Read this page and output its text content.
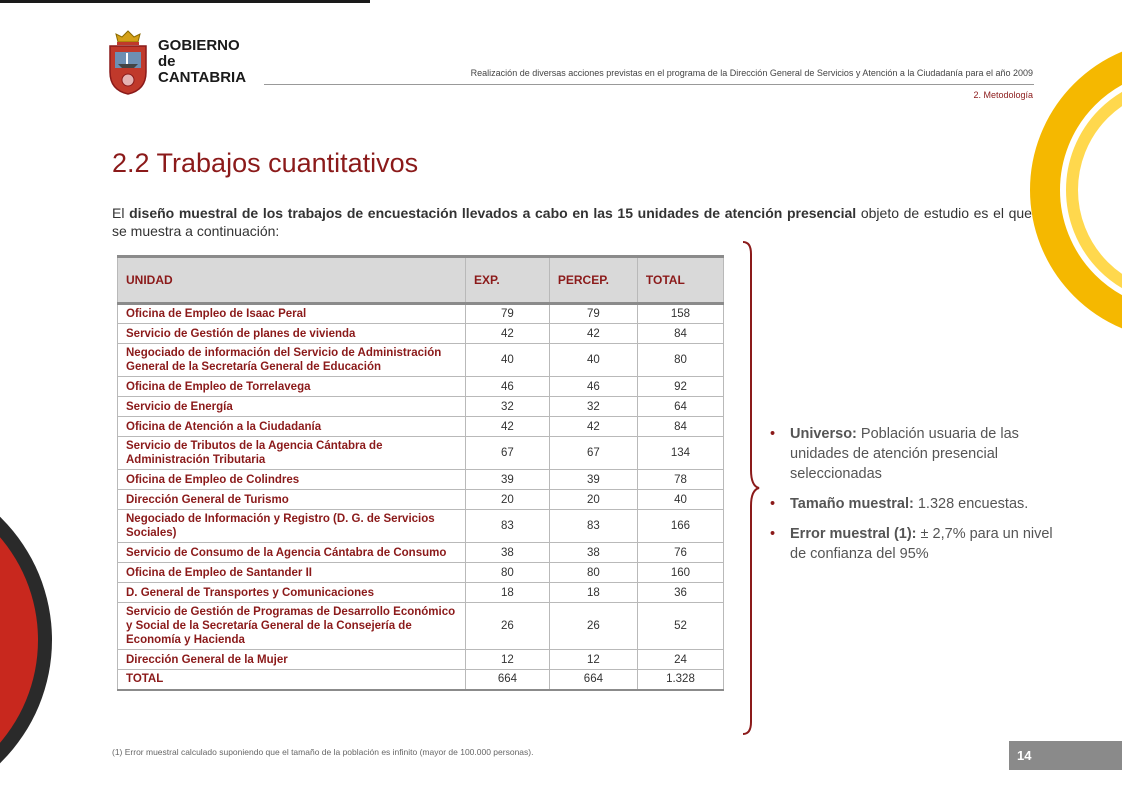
GOBIERNO
de
CANTABRIA	Realización de diversas acciones previstas en el programa de la Dirección General de Servicios y Atención a la Ciudadanía para el año 2009
2. Metodología
2.2 Trabajos cuantitativos
El diseño muestral de los trabajos de encuestación llevados a cabo en las 15 unidades de atención presencial objeto de estudio es el que se muestra a continuación:
UNIDAD	EXP.	PERCEP.	TOTAL
Oficina de Empleo de Isaac Peral	79	79	158
Servicio de Gestión de planes de vivienda	42	42	84
Negociado de información del Servicio de Administración General de la Secretaría General de Educación	40	40	80
Oficina de Empleo de Torrelavega	46	46	92
Servicio de Energía	32	32	64
Oficina de Atención a la Ciudadanía	42	42	84
Servicio de Tributos de la Agencia Cántabra de Administración Tributaria	67	67	134
Oficina de Empleo de Colindres	39	39	78
Dirección General de Turismo	20	20	40
Negociado de Información y Registro (D. G. de Servicios Sociales)	83	83	166
Servicio de Consumo de la Agencia Cántabra de Consumo	38	38	76
Oficina de Empleo de Santander II	80	80	160
D. General de Transportes y Comunicaciones	18	18	36
Servicio de Gestión de Programas de Desarrollo Económico y Social de la Secretaría General de la Consejería de Economía y Hacienda	26	26	52
Dirección General de la Mujer	12	12	24
TOTAL	664	664	1.328
• Universo: Población usuaria de las unidades de atención presencial seleccionadas
• Tamaño muestral: 1.328 encuestas.
• Error muestral (1): ± 2,7% para un nivel de confianza del 95%
(1) Error muestral calculado suponiendo que el tamaño de la población es infinito (mayor de 100.000 personas).	14
